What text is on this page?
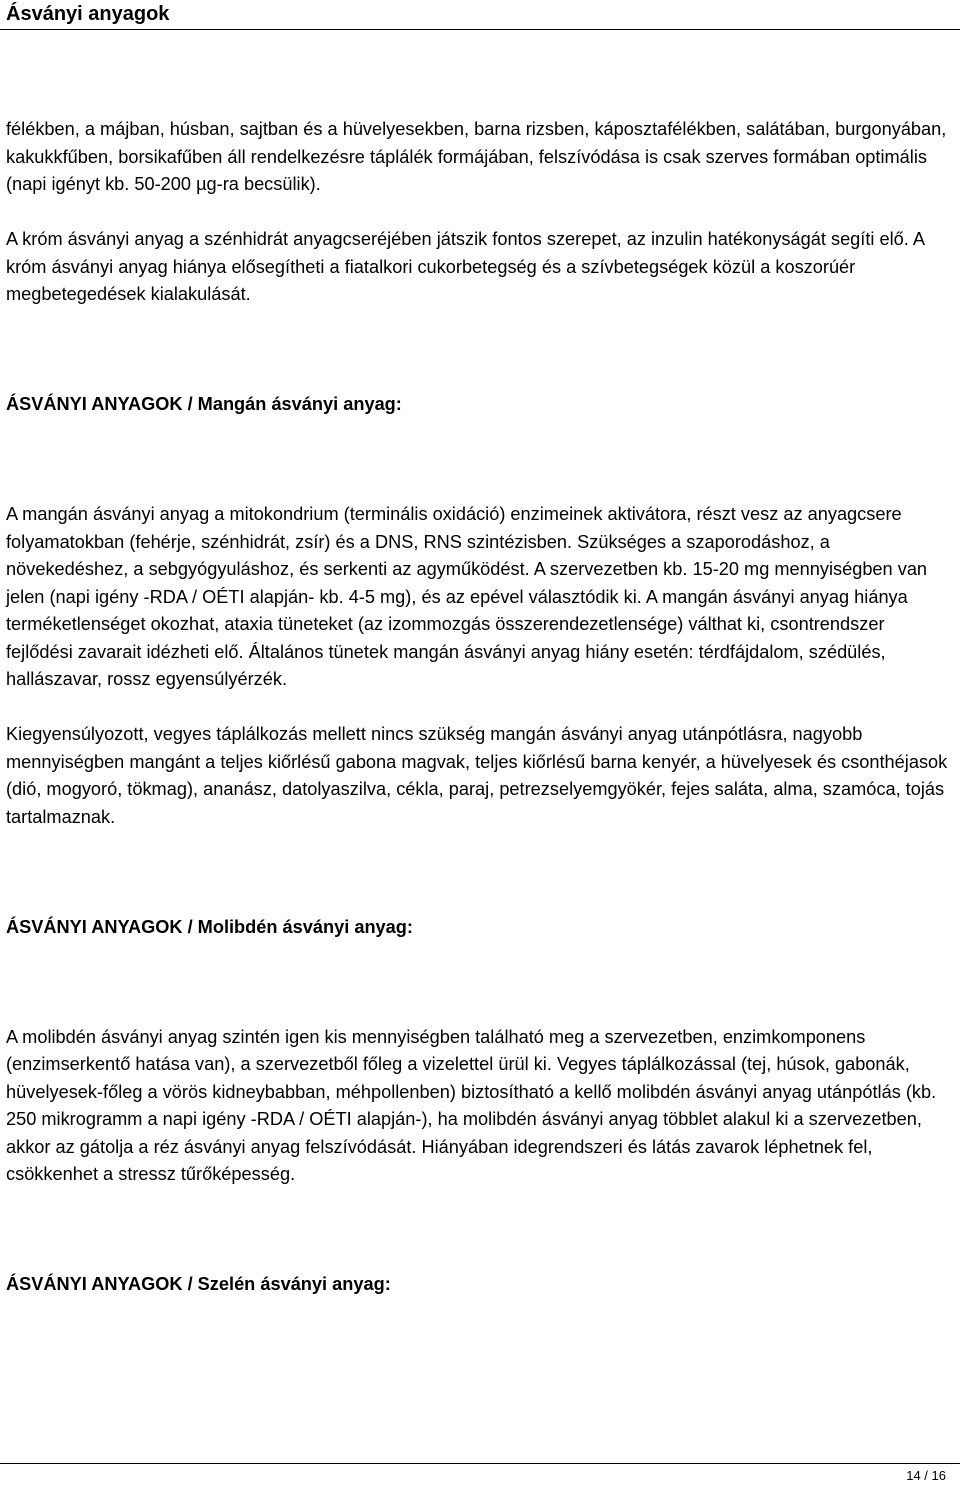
Ásványi anyagok

félékben, a májban, húsban, sajtban és a hüvelyesekben, barna rizsben, káposztafélékben, salátában, burgonyában, kakukkfűben, borsikafűben áll rendelkezésre táplálék formájában, felszívódása is csak szerves formában optimális (napi igényt kb. 50-200 µg-ra becsülik).

A króm ásványi anyag a szénhidrát anyagcseréjében játszik fontos szerepet, az inzulin hatékonyságát segíti elő. A króm ásványi anyag hiánya elősegítheti a fiatalkori cukorbetegség és a szívbetegségek közül a koszorúér megbetegedések kialakulását.

ÁSVÁNYI ANYAGOK / Mangán ásványi anyag:

A mangán ásványi anyag a mitokondrium (terminális oxidáció) enzimeinek aktivátora, részt vesz az anyagcsere folyamatokban (fehérje, szénhidrát, zsír) és a DNS, RNS szintézisben. Szükséges a szaporodáshoz, a növekedéshez, a sebgyógyuláshoz, és serkenti az agyműködést. A szervezetben kb. 15-20 mg mennyiségben van jelen (napi igény -RDA / OÉTI alapján- kb. 4-5 mg), és az epével választódik ki. A mangán ásványi anyag hiánya terméketlenséget okozhat, ataxia tüneteket (az izommozgás összerendezetlensége) válthat ki, csontrendszer fejlődési zavarait idézheti elő. Általános tünetek mangán ásványi anyag hiány esetén: térdfájdalom, szédülés, hallászavar, rossz egyensúlyérzék.

Kiegyensúlyozott, vegyes táplálkozás mellett nincs szükség mangán ásványi anyag utánpótlásra, nagyobb mennyiségben mangánt a teljes kiőrlésű gabona magvak, teljes kiőrlésű barna kenyér, a hüvelyesek és csonthéjasok (dió, mogyoró, tökmag), ananász, datolyaszilva, cékla, paraj, petrezselyemgyökér, fejes saláta, alma, szamóca, tojás tartalmaznak.

ÁSVÁNYI ANYAGOK / Molibdén ásványi anyag:

A molibdén ásványi anyag szintén igen kis mennyiségben található meg a szervezetben, enzimkomponens (enzimserkentő hatása van), a szervezetből főleg a vizelettel ürül ki. Vegyes táplálkozással (tej, húsok, gabonák, hüvelyesek-főleg a vörös kidneybabban, méhpollenben) biztosítható a kellő molibdén ásványi anyag utánpótlás (kb. 250 mikrogramm a napi igény -RDA / OÉTI alapján-), ha molibdén ásványi anyag többlet alakul ki a szervezetben, akkor az gátolja a réz ásványi anyag felszívódását. Hiányában idegrendszeri és látás zavarok léphetnek fel, csökkenhet a stressz tűrőképesség.

ÁSVÁNYI ANYAGOK / Szelén ásványi anyag:

14 / 16
